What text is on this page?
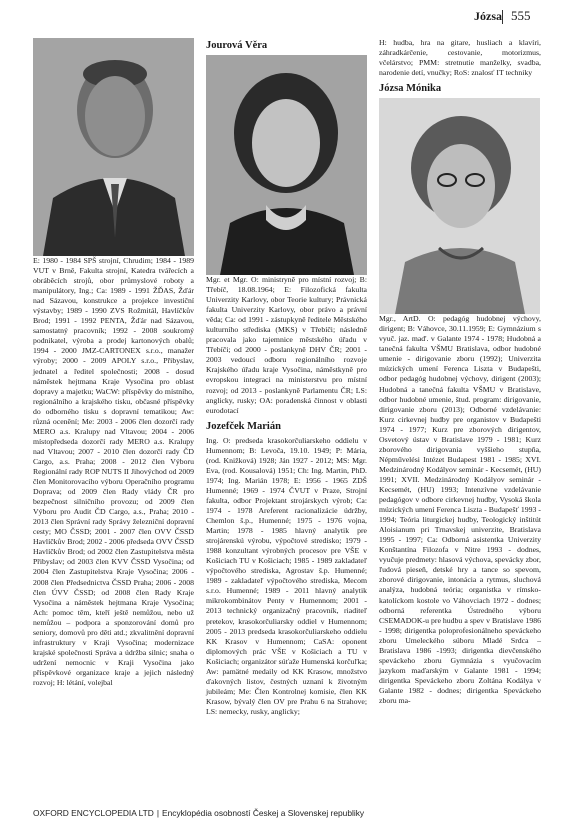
Józsa 555

E: 1980 - 1984 SPŠ strojní, Chrudim; 1984 - 1989 VUT v Brně, Fakulta strojní, Katedra tvářecích a obráběcích strojů, obor průmyslové roboty a manipulátory, Ing.; Ca: 1989 - 1991 ŽĎAS, Žďár nad Sázavou, konstrukce a projekce investiční výstavby; 1989 - 1990 ZVS Rožmitál, Havlíčkův Brod; 1991 - 1992 PENTA, Žďár nad Sázavou, samostatný pracovník; 1992 - 2008 soukromý podnikatel, výroba a prodej kartonových obalů; 1994 - 2000 JMZ-CARTONEX s.r.o., manažer výroby; 2000 - 2009 APOLY s.r.o., Přibyslav, jednatel a ředitel společnosti; 2008 - dosud náměstek hejtmana Kraje Vysočina pro oblast dopravy a majetku; WaCW: příspěvky do místního, regionálního a krajského tisku, občasné příspěvky do odborného tisku s dopravní tematikou; Aw: různá ocenění; Me: 2003 - 2006 člen dozorčí rady MERO a.s. Kralupy nad Vltavou; 2004 - 2006 místopředseda dozorčí rady MERO a.s. Kralupy nad Vltavou; 2007 - 2010 člen dozorčí rady ČD Cargo, a.s. Praha; 2008 - 2012 člen Výboru Regionální rady ROP NUTS II Jihovýchod od 2009 člen Monitorovacího výboru Operačního programu Doprava; od 2009 člen Rady vlády ČR pro bezpečnost silničního provozu; od 2009 člen Výboru pro Audit ČD Cargo, a.s., Praha; 2010 - 2013 člen Správní rady Správy železniční dopravní cesty; MO ČSSD; 2001 - 2007 člen OVV ČSSD Havlíčkův Brod; 2002 - 2006 předseda OVV ČSSD Havlíčkův Brod; od 2002 člen Zastupitelstva města Přibyslav; od 2003 člen KVV ČSSD Vysočina; od 2004 člen Zastupitelstva Kraje Vysočina; 2006 - 2008 člen Předsednictva ČSSD Praha; 2006 - 2008 člen ÚVV ČSSD; od 2008 člen Rady Kraje Vysočina a náměstek hejtmana Kraje Vysočina; Ach: pomoc těm, kteří ještě nemůžou, nebo už nemůžou – podpora a sponzorování domů pro seniory, domovů pro děti atd.; zkvalitnění dopravní infrastruktury v Kraji Vysočina; modernizace krajské společnosti Správa a údržba silnic; snaha o udržení nemocnic v Kraji Vysočina jako příspěvkové organizace kraje a jejich následný rozvoj; H: létání, volejbal

Jourová Věra

Mgr. et Mgr. O: ministryně pro místní rozvoj; B: Třebíč, 18.08.1964; E: Filozofická fakulta Univerzity Karlovy, obor Teorie kultury; Právnická fakulta Univerzity Karlovy, obor právo a právní věda; Ca: od 1991 - zástupkyně ředitele Městského kulturního střediska (MKS) v Třebíči; následně pracovala jako tajemnice městského úřadu v Třebíči; od 2000 - poslankyně DHV ČR; 2001 - 2003 vedoucí odboru regionálního rozvoje Krajského úřadu kraje Vysočina, náměstkyně pro evropskou integraci na ministerstvu pro místní rozvoj; od 2013 - poslankyně Parlamentu ČR; LS: anglicky, rusky; OA: poradenská činnost v oblasti eurodotací

Jozefček Marián

Ing. O: predseda krasokorčuliarskeho oddielu v Humennom; B: Levoča, 19.10. 1949; P: Mária, (rod. Knižková) 1928; Ján 1927 - 2012; MS: Mgr. Eva, (rod. Kousalová) 1951; Ch: Ing. Martin, PhD. 1974; Ing. Marián 1978; E: 1956 - 1965 ZDŠ Humenné; 1969 - 1974 ČVUT v Praze, Strojní fakulta, odbor Projektant strojárskych výrob; Ca: 1974 - 1978 Areferent racionalizácie údržby, Chemlon š.p., Humenné; 1975 - 1976 vojna, Martin; 1978 - 1985 hlavný analytik pre strojárenskú výrobu, výpočtové stredisko; 1979 - 1988 konzultant výrobných procesov pre VŠE v Košiciach TU v Košiciach; 1985 - 1989 zakladateľ výpočtového strediska, Agrostav š.p. Humenné; 1989 - zakladateľ výpočtového strediska, Mecom s.r.o. Humenné; 1989 - 2011 hlavný analytik mikrokombinátov Penty v Humennom; 2001 - 2013 technický organizačný pracovník, riaditeľ pretekov, krasokorčuliarsky oddiel v Humennom; 2005 - 2013 predseda krasokorčuliarskeho oddielu KK Krasov v Humennom; CaSA: oponent diplomových prác VŠE v Košiciach a TU v Košiciach; organizátor súťaže Humenská korčuľka; Aw: pamätné medaily od KK Krasow, množstvo ďakovných listov, čestných uznaní k životným jubileám; Me: Člen Kontrolnej komisie, člen KK Krasow, bývalý člen OV pre Prahu 6 na Strahove; LS: nemecky, rusky, anglicky;

H: hudba, hra na gitare, husliach a klavíri, záhradkárčenie, cestovanie, motorizmus, včelárstvo; PMM: stretnutie manželky, svadba, narodenie detí, vnučky; RoS: znalosť IT techniky

Józsa Mónika

Mgr., ArtD. O: pedagóg hudobnej výchovy, dirigent; B: Váhovce, 30.11.1959; E: Gymnázium s vyuč. jaz. mad'. v Galante 1974 - 1978; Hudobná a tanečná fakulta VŠMU Bratislava, odbor hudobné umenie - dirigovanie zboru (1992); Univerzita múzických umení Ferenca Liszta v Budapešti, odbor pedagóg hudobnej výchovy, dirigent (2003); Hudobná a tanečná fakulta VŠMU v Bratislave, odbor hudobné umenie, štud. program: dirigovanie, dirigovanie zboru (2013); Odborné vzdelávanie: Kurz cirkevnej hudby pre organistov v Budapešti 1974 - 1977; Kurz pre zborových dirigentov, Osvetový ústav v Bratislave 1979 - 1981; Kurz zborového dirigovania vyššieho stupňa, Népművelési Intézet Budapest 1981 - 1985; XVI. Medzinárodný Kodályov seminár - Kecsemét, (HU) 1991; XVII. Medzinárodný Kodályov seminár - Kecsemét, (HU) 1993; Intenzívne vzdelávanie pedagógov v odbore cirkevnej hudby, Vysoká škola múzických umení Ferenca Liszta - Budapešť 1993 - 1994; Teória liturgickej hudby, Teologický inštitút Aloisianum pri Trnavskej univerzite, Bratislava 1995 - 1997; Ca: Odborná asistentka Univerzity Konštantína Filozofa v Nitre 1993 - dodnes, vyučuje predmety: hlasová výchova, spevácky zbor, ľudová pieseň, detské hry a tance so spevom, zborové dirigovanie, intonácia a rytmus, sluchová analýza, hudobná teória; organistka v rímsko-katolíckom kostole vo Váhovciach 1972 - dodnes; odborná referentka Ústredného výboru CSEMADOK-u pre hudbu a spev v Bratislave 1986 - 1998; dirigentka poloprofesionálneho speváckeho zboru Umeleckého súboru Mladé Srdca – Bratislava 1986 -1993; dirigentka dievčenského speváckeho zboru Gymnázia s vyučovacím jazykom maďarským v Galante 1981 - 1994; dirigentka Speváckeho zboru Zoltána Kodálya v Galante 1982 - dodnes; dirigentka Speváckeho zboru ma-

OXFORD ENCYCLOPEDIA LTD | Encyklopédia osobností Českej a Slovenskej republiky
